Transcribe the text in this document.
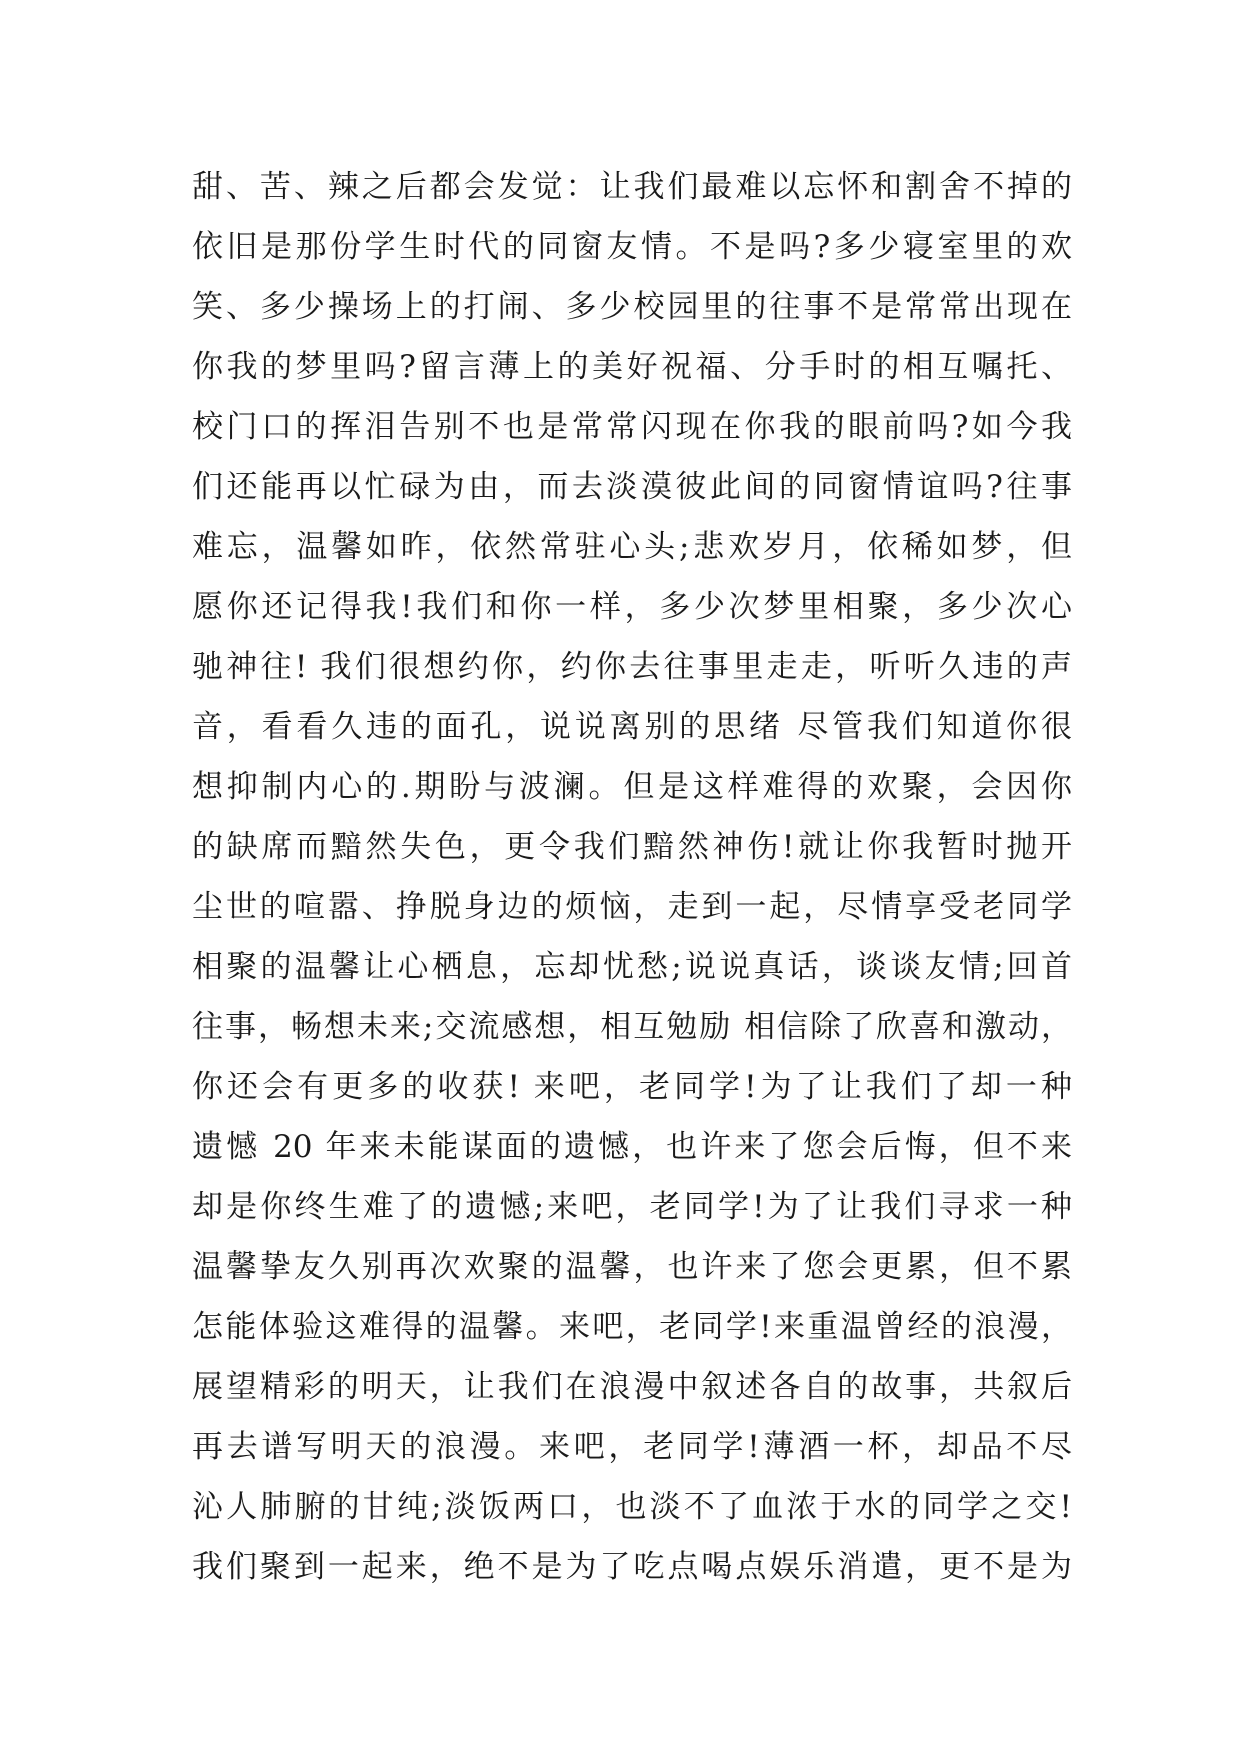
甜、苦、辣之后都会发觉：让我们最难以忘怀和割舍不掉的
依旧是那份学生时代的同窗友情。不是吗?多少寝室里的欢
笑、多少操场上的打闹、多少校园里的往事不是常常出现在
你我的梦里吗?留言薄上的美好祝福、分手时的相互嘱托、
校门口的挥泪告别不也是常常闪现在你我的眼前吗?如今我
们还能再以忙碌为由，而去淡漠彼此间的同窗情谊吗?往事
难忘，温馨如昨，依然常驻心头;悲欢岁月，依稀如梦，但
愿你还记得我!我们和你一样，多少次梦里相聚，多少次心
驰神往! 我们很想约你，约你去往事里走走，听听久违的声
音，看看久违的面孔，说说离别的思绪 尽管我们知道你很
想抑制内心的.期盼与波澜。但是这样难得的欢聚，会因你
的缺席而黯然失色，更令我们黯然神伤!就让你我暂时抛开
尘世的喧嚣、挣脱身边的烦恼，走到一起，尽情享受老同学
相聚的温馨让心栖息，忘却忧愁;说说真话，谈谈友情;回首
往事，畅想未来;交流感想，相互勉励 相信除了欣喜和激动，
你还会有更多的收获! 来吧，老同学!为了让我们了却一种
遗憾 20 年来未能谋面的遗憾，也许来了您会后悔，但不来
却是你终生难了的遗憾;来吧，老同学!为了让我们寻求一种
温馨挚友久别再次欢聚的温馨，也许来了您会更累，但不累
怎能体验这难得的温馨。来吧，老同学!来重温曾经的浪漫，
展望精彩的明天，让我们在浪漫中叙述各自的故事，共叙后
再去谱写明天的浪漫。来吧，老同学!薄酒一杯，却品不尽
沁人肺腑的甘纯;淡饭两口，也淡不了血浓于水的同学之交!
我们聚到一起来，绝不是为了吃点喝点娱乐消遣，更不是为
